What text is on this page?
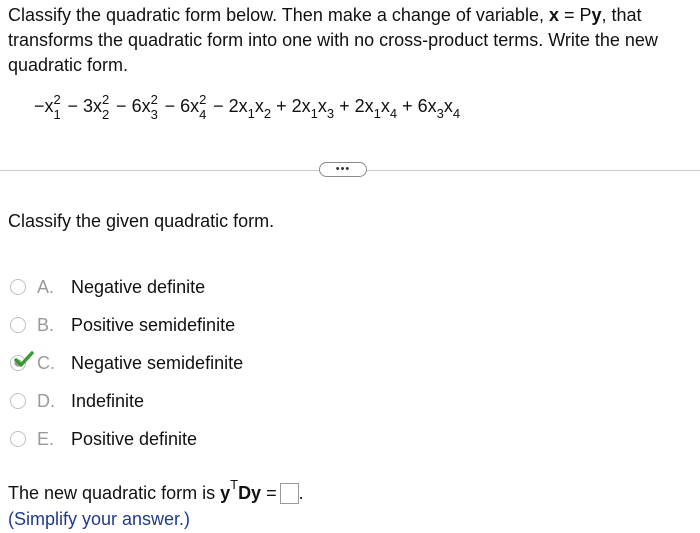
Classify the quadratic form below. Then make a change of variable, x = Py, that transforms the quadratic form into one with no cross-product terms. Write the new quadratic form.

−x 2
1 − 3x 2
2 − 6x 2
3 − 6x 2
$4 - 2x_1x_2 + 2x_1x_3 + 2x_1x_4 + 6x_3x_4$
•••
Classify the given quadratic form.
A. Negative definite
B. Positive semidefinite
C. Negative semidefinite
D. Indefinite
E. Positive definite
The new quadratic form is $y^TDy$ = .
(Simplify your answer.)
